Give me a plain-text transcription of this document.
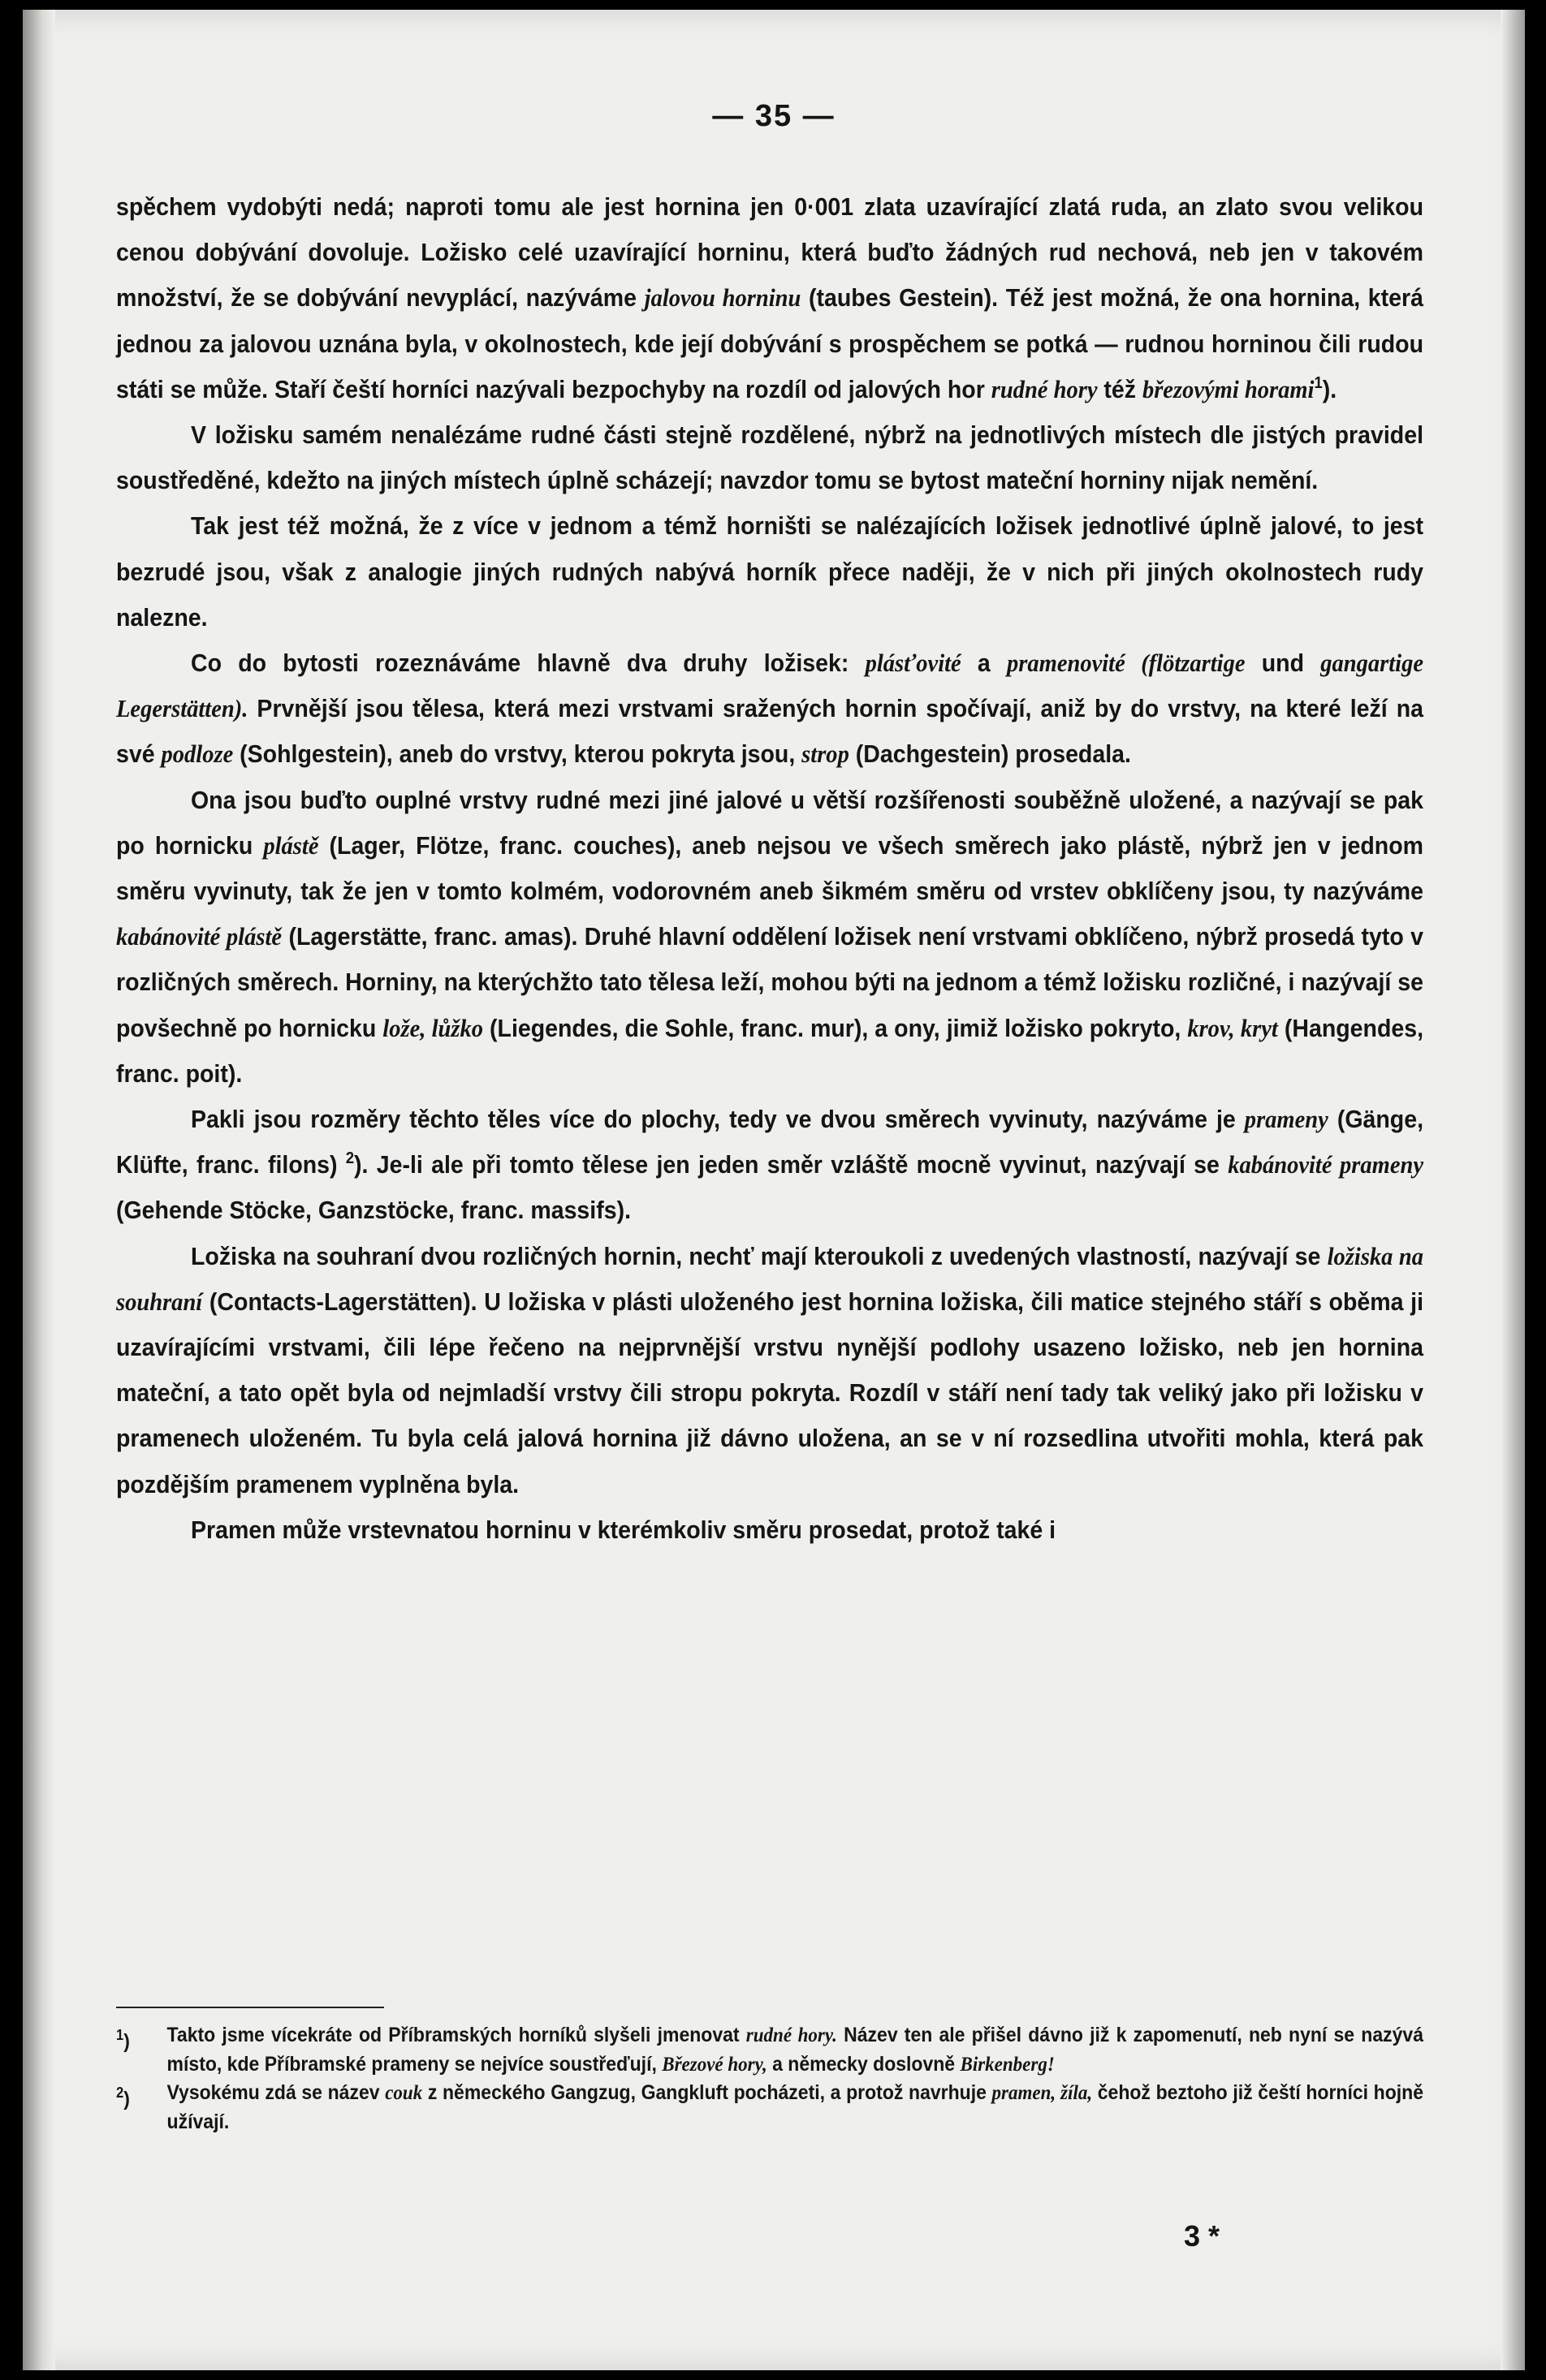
— 35 —

spěchem vydobýti nedá; naproti tomu ale jest hornina jen 0·001 zlata uzavírající zlatá ruda, an zlato svou velikou cenou dobývání dovoluje. Ložisko celé uzavírající horninu, která buďto žádných rud nechová, neb jen v takovém množství, že se dobývání nevyplácí, nazýváme jalovou horninu (taubes Gestein). Též jest možná, že ona hornina, která jednou za jalovou uznána byla, v okolnostech, kde její dobývání s prospěchem se potká — rudnou horninou čili rudou státi se může. Staří čeští horníci nazývali bezpochyby na rozdíl od jalových hor rudné hory též březovými horami$^1$).

V ložisku samém nenalézáme rudné části stejně rozdělené, nýbrž na jednotlivých místech dle jistých pravidel soustředěné, kdežto na jiných místech úplně scházejí; navzdor tomu se bytost mateční horniny nijak nemění.

Tak jest též možná, že z více v jednom a témž horništi se nalézajících ložisek jednotlivé úplně jalové, to jest bezrudé jsou, však z analogie jiných rudných nabývá horník přece naději, že v nich při jiných okolnostech rudy nalezne.

Co do bytosti rozeznáváme hlavně dva druhy ložisek: plásťovité a pramenovité (flötzartige und gangartige Legerstätten). Prvnější jsou tělesa, která mezi vrstvami sražených hornin spočívají, aniž by do vrstvy, na které leží na své podloze (Sohlgestein), aneb do vrstvy, kterou pokryta jsou, strop (Dachgestein) prosedala.

Ona jsou buďto ouplné vrstvy rudné mezi jiné jalové u větší rozšířenosti souběžně uložené, a nazývají se pak po hornicku plástě (Lager, Flötze, franc. couches), aneb nejsou ve všech směrech jako plástě, nýbrž jen v jednom směru vyvinuty, tak že jen v tomto kolmém, vodorovném aneb šikmém směru od vrstev obklíčeny jsou, ty nazýváme kabánovité plástě (Lagerstätte, franc. amas). Druhé hlavní oddělení ložisek není vrstvami obklíčeno, nýbrž prosedá tyto v rozličných směrech. Horniny, na kterýchžto tato tělesa leží, mohou býti na jednom a témž ložisku rozličné, i nazývají se povšechně po hornicku lože, lůžko (Liegendes, die Sohle, franc. mur), a ony, jimiž ložisko pokryto, krov, kryt (Hangendes, franc. poit).

Pakli jsou rozměry těchto těles více do plochy, tedy ve dvou směrech vyvinuty, nazýváme je prameny (Gänge, Klüfte, franc. filons) $^2$). Je-li ale při tomto tělese jen jeden směr vzláště mocně vyvinut, nazývají se kabánovité prameny (Gehende Stöcke, Ganzstöcke, franc. massifs).

Ložiska na souhraní dvou rozličných hornin, nechť mají kteroukoli z uvedených vlastností, nazývají se ložiska na souhraní (Contacts-Lagerstätten). U ložiska v plásti uloženého jest hornina ložiska, čili matice stejného stáří s oběma ji uzavírajícími vrstvami, čili lépe řečeno na nejprvnější vrstvu nynější podlohy usazeno ložisko, neb jen hornina mateční, a tato opět byla od nejmladší vrstvy čili stropu pokryta. Rozdíl v stáří není tady tak veliký jako při ložisku v pramenech uloženém. Tu byla celá jalová hornina již dávno uložena, an se v ní rozsedlina utvořiti mohla, která pak pozdějším pramenem vyplněna byla.

Pramen může vrstevnatou horninu v kterémkoliv směru prosedat, protož také i

$^1$)	Takto jsme vícekráte od Příbramských horníků slyšeli jmenovat rudné hory. Název ten ale přišel dávno již k zapomenutí, neb nyní se nazývá místo, kde Příbramské prameny se nejvíce soustřeďují, Březové hory, a německy doslovně Birkenberg!
$^2$)	Vysokému zdá se název couk z německého Gangzug, Gangkluft pocházeti, a protož navrhuje pramen, žíla, čehož beztoho již čeští horníci hojně užívají.
3 *
